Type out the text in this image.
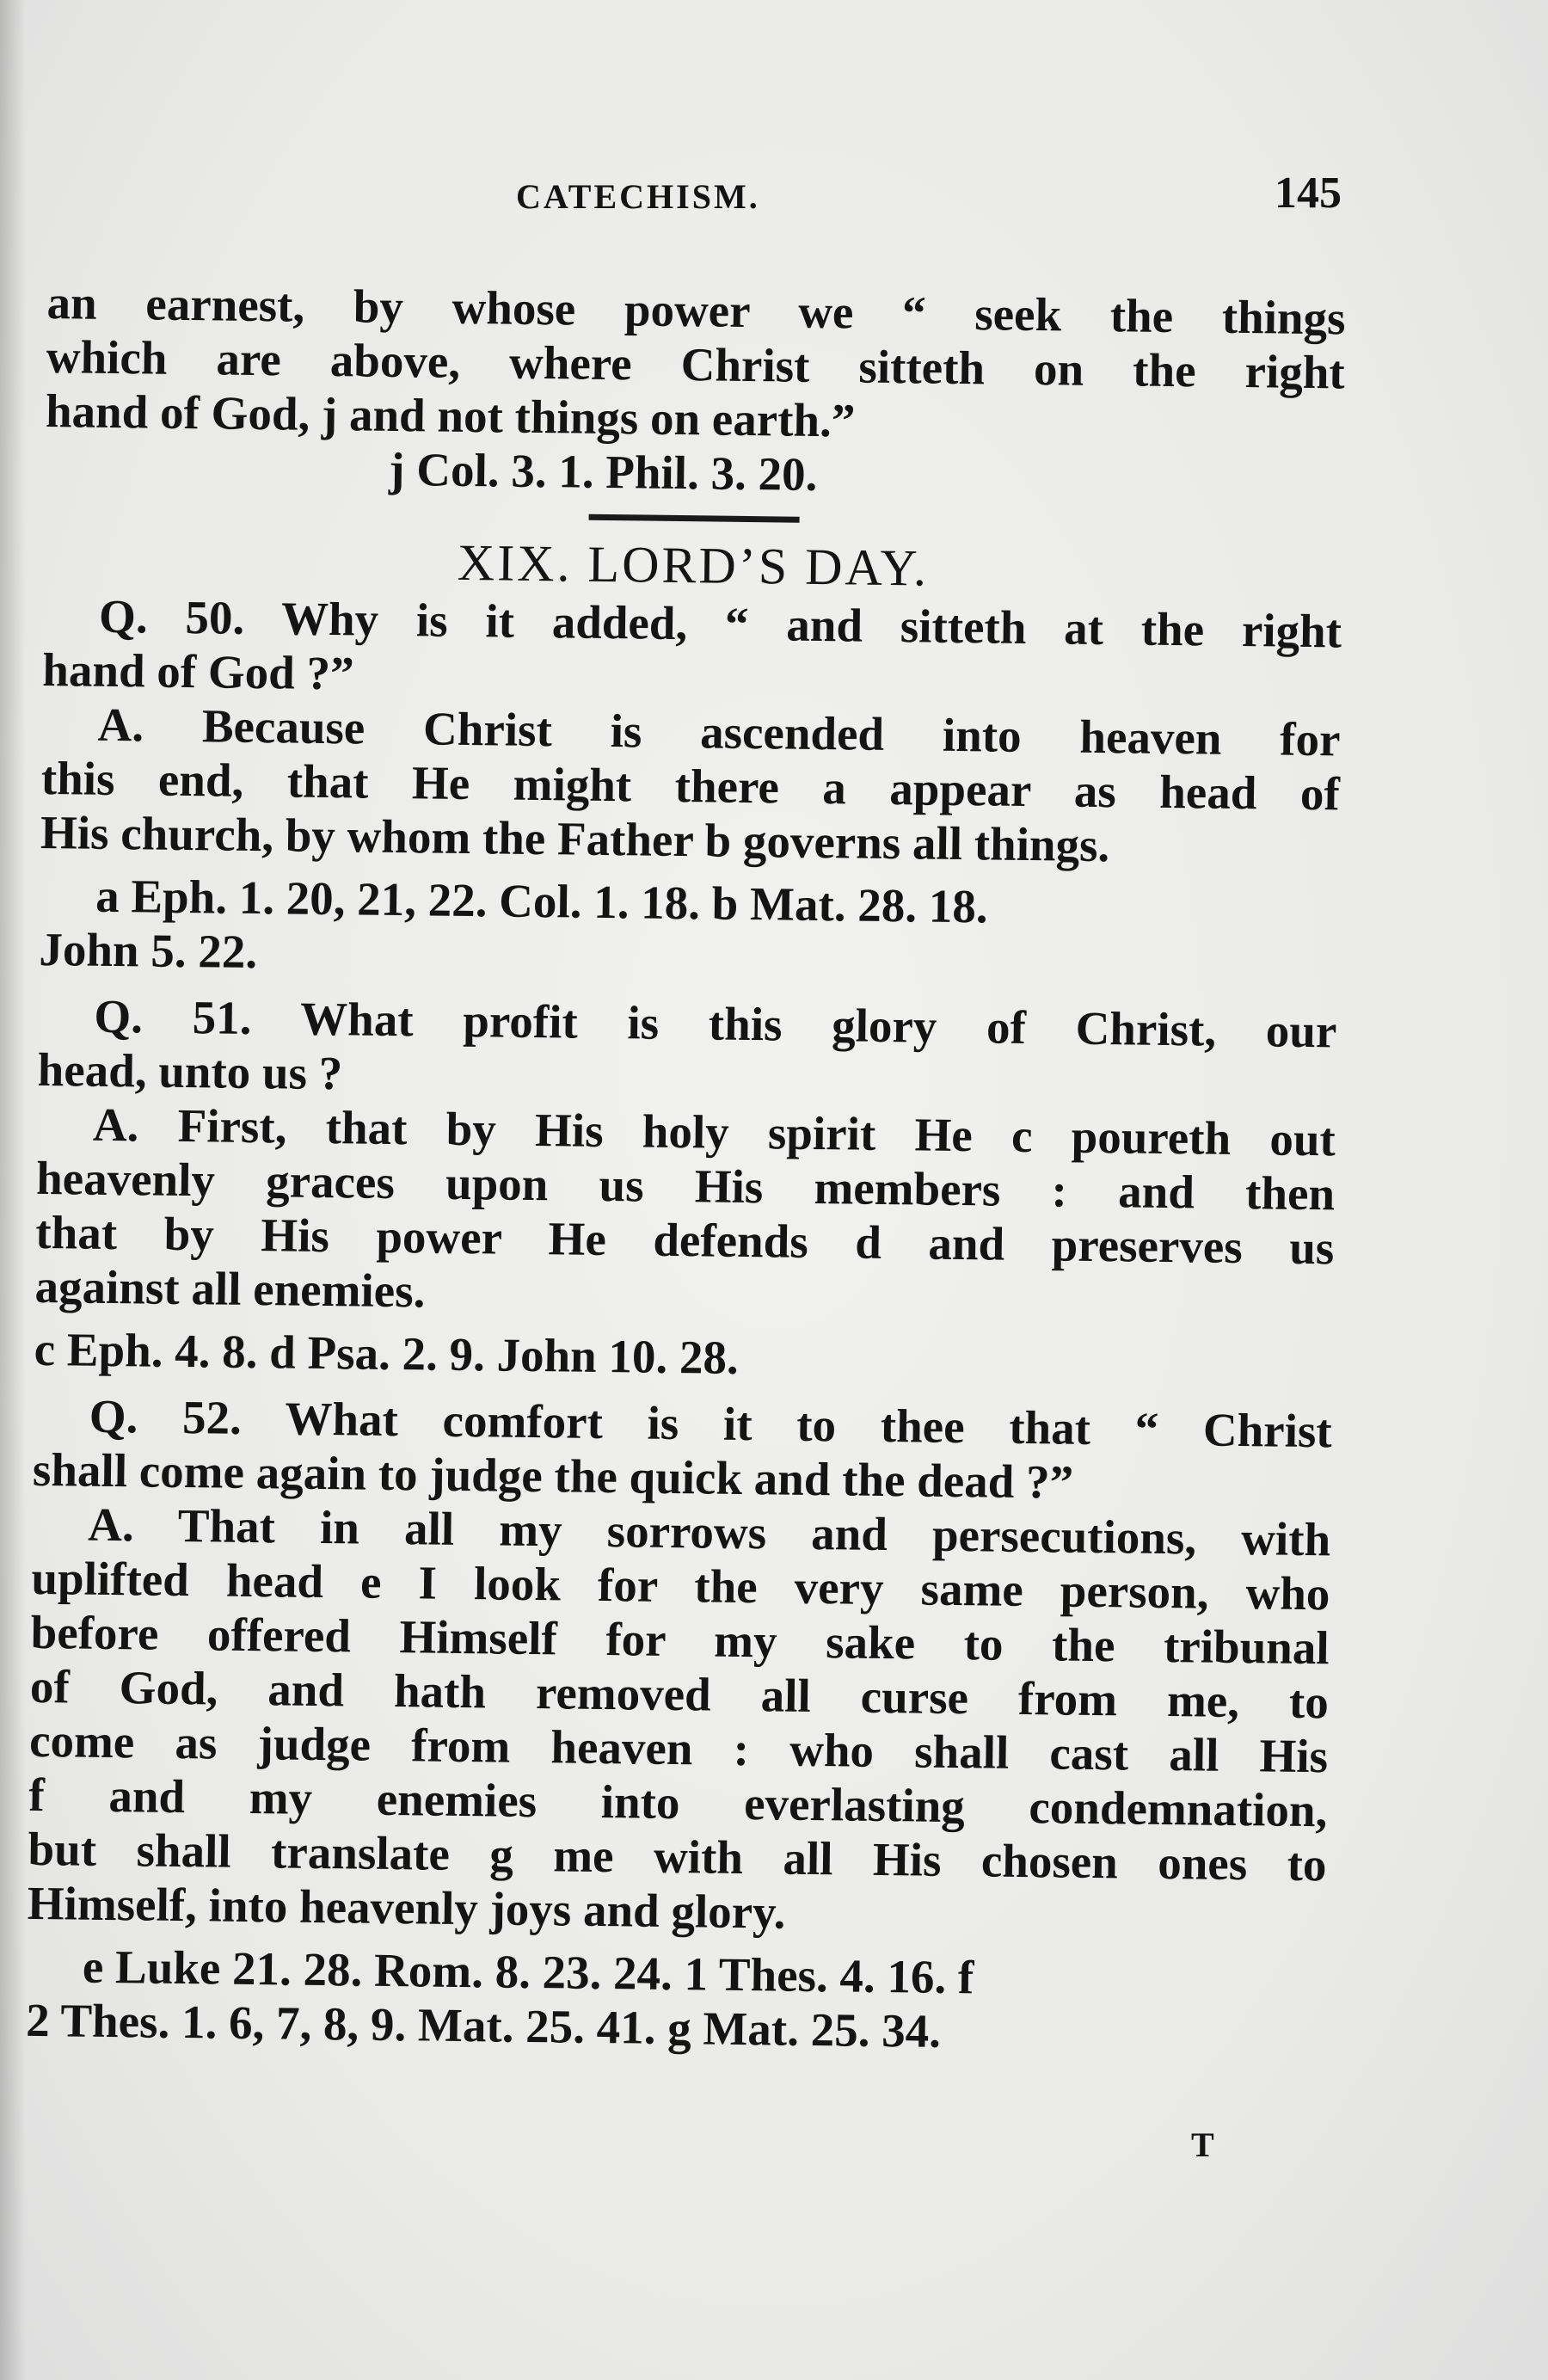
CATECHISM.	145

an earnest, by whose power we “ seek the things

which are above, where Christ sitteth on the right

hand of God, j and not things on earth.”

j Col. 3. 1. Phil. 3. 20.

XIX. LORD’S DAY.

Q. 50. Why is it added, “ and sitteth at the right

hand of God ?”

A. Because Christ is ascended into heaven for

this end, that He might there a appear as head of

His church, by whom the Father b governs all things.

a Eph. 1. 20, 21, 22. Col. 1. 18. b Mat. 28. 18.

John 5. 22.

Q. 51. What profit is this glory of Christ, our

head, unto us ?

A. First, that by His holy spirit He c poureth out

heavenly graces upon us His members : and then

that by His power He defends d and preserves us

against all enemies.

c Eph. 4. 8. d Psa. 2. 9. John 10. 28.

Q. 52. What comfort is it to thee that “ Christ

shall come again to judge the quick and the dead ?”

A. That in all my sorrows and persecutions, with

uplifted head e I look for the very same person, who

before offered Himself for my sake to the tribunal

of God, and hath removed all curse from me, to

come as judge from heaven : who shall cast all His

f and my enemies into everlasting condemnation,

but shall translate g me with all His chosen ones to

Himself, into heavenly joys and glory.

e Luke 21. 28. Rom. 8. 23. 24. 1 Thes. 4. 16. f

2 Thes. 1. 6, 7, 8, 9. Mat. 25. 41. g Mat. 25. 34.

T
